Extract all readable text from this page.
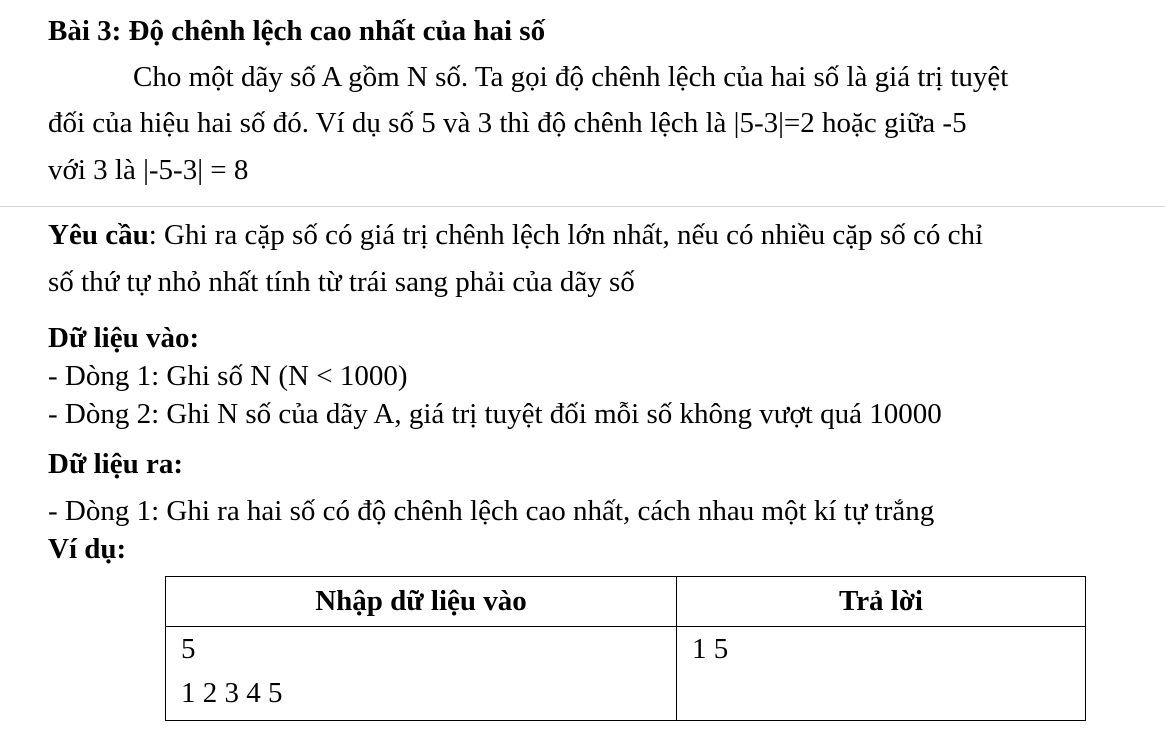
Bài 3: Độ chênh lệch cao nhất của hai số
Cho một dãy số A gồm N số. Ta gọi độ chênh lệch của hai số là giá trị tuyệt
đối của hiệu hai số đó. Ví dụ số 5 và 3 thì độ chênh lệch là |5-3|=2 hoặc giữa -5
với 3 là |-5-3| = 8
Yêu cầu: Ghi ra cặp số có giá trị chênh lệch lớn nhất, nếu có nhiều cặp số có chỉ
số thứ tự nhỏ nhất tính từ trái sang phải của dãy số
Dữ liệu vào:
- Dòng 1: Ghi số N (N < 1000)
- Dòng 2: Ghi N số của dãy A, giá trị tuyệt đối mỗi số không vượt quá 10000
Dữ liệu ra:
- Dòng 1: Ghi ra hai số có độ chênh lệch cao nhất, cách nhau một kí tự trắng
Ví dụ:
Nhập dữ liệu vào	Trả lời

5
1 2 3 4 5	1 5
